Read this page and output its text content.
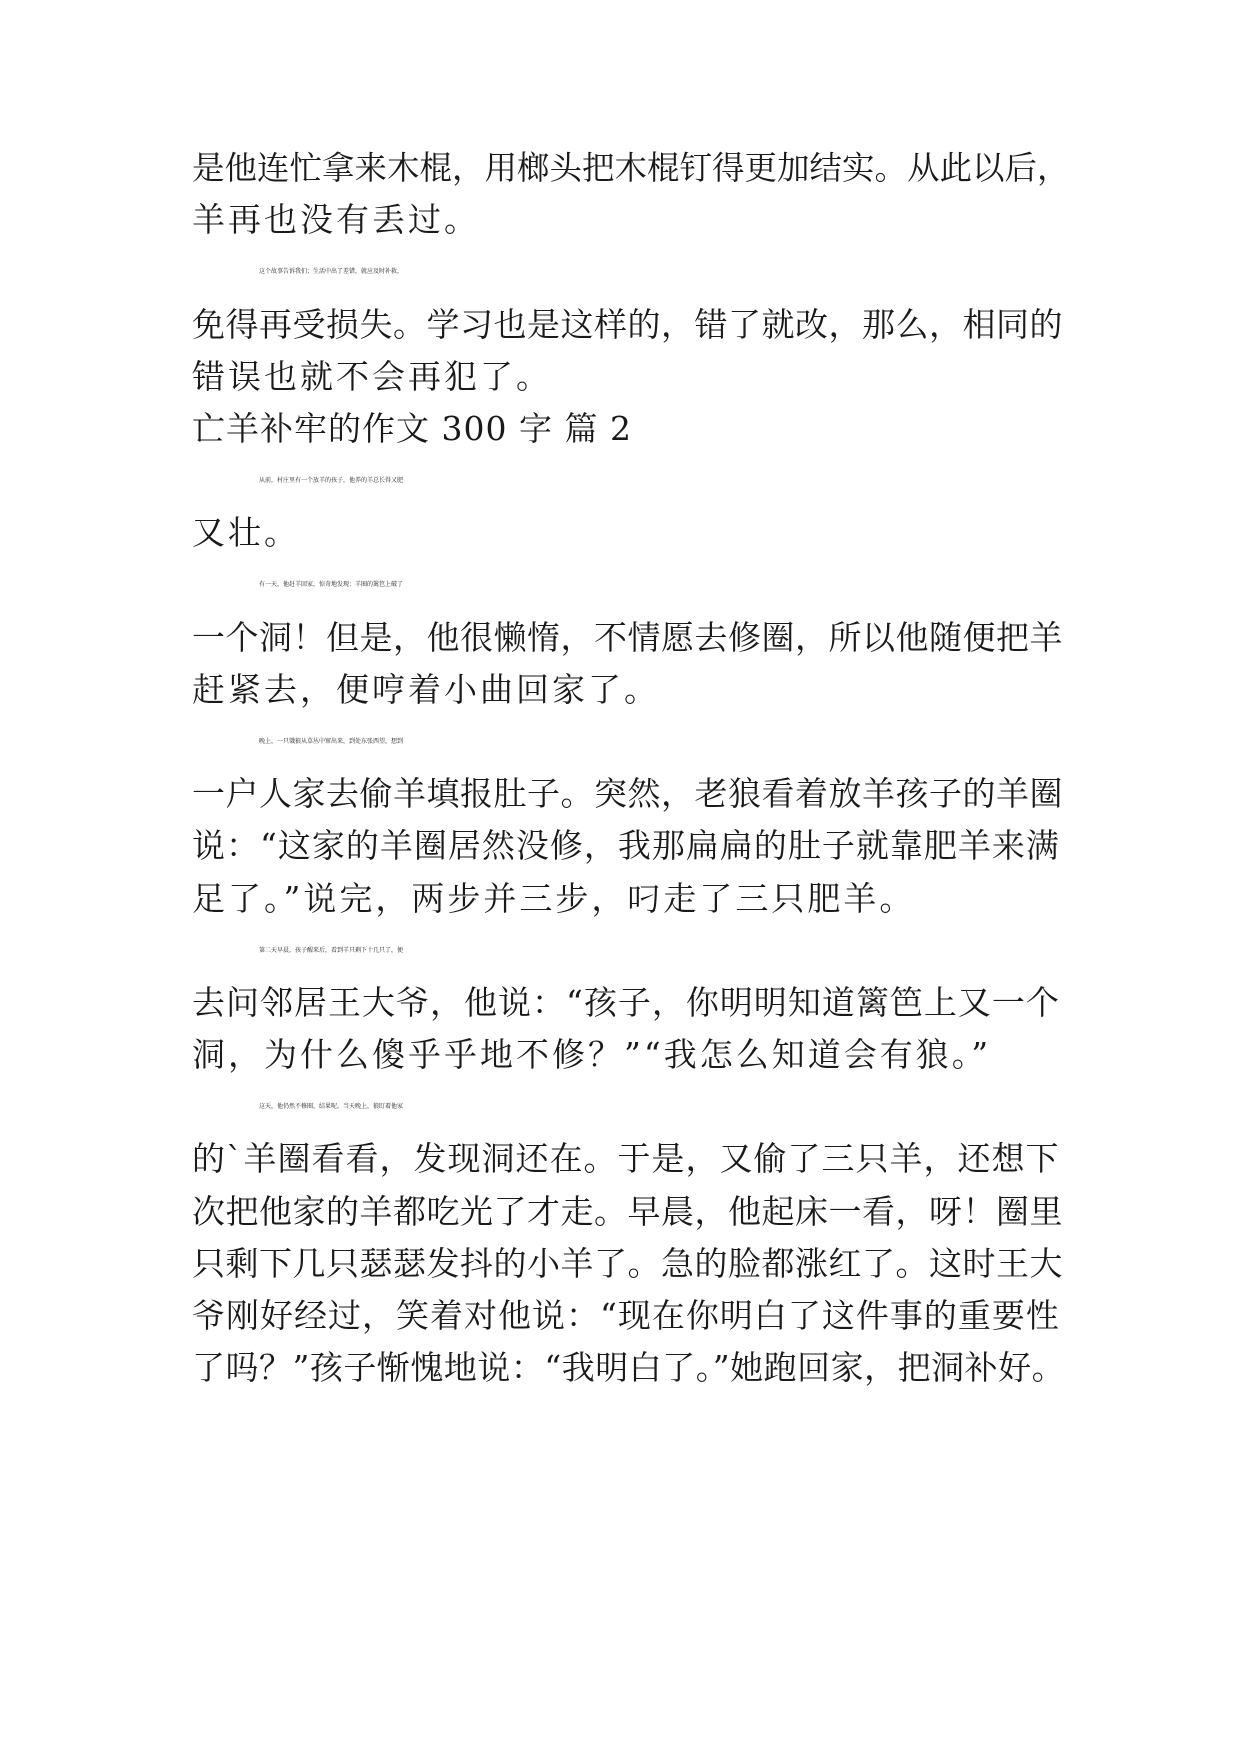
是他连忙拿来木棍，用榔头把木棍钉得更加结实。从此以后，
羊再也没有丢过。
这个故事告诉我们；生活中出了差错，就应及时补救，
免得再受损失。学习也是这样的，错了就改，那么，相同的
错误也就不会再犯了。
亡羊补牢的作文 300 字 篇 2
从前，村庄里有一个放羊的孩子，他养的羊总长得又肥
又壮。
有一天，他赶羊回家，惊奇地发现：羊圈的篱笆上破了
一个洞！但是，他很懒惰，不情愿去修圈，所以他随便把羊
赶紧去，便哼着小曲回家了。
晚上，一只饿狼从草丛中窜出来，到处东张西望，想到
一户人家去偷羊填报肚子。突然，老狼看着放羊孩子的羊圈
说：“这家的羊圈居然没修，我那扁扁的肚子就靠肥羊来满
足了。”说完，两步并三步，叼走了三只肥羊。
第二天早晨，孩子醒来后，看到羊只剩下十几只了，便
去问邻居王大爷，他说：“孩子，你明明知道篱笆上又一个
洞，为什么傻乎乎地不修？”“我怎么知道会有狼。”
这天，他仍然不修圈，结果呢。当天晚上，狼盯着他家
的`羊圈看看，发现洞还在。于是，又偷了三只羊，还想下
次把他家的羊都吃光了才走。早晨，他起床一看，呀！圈里
只剩下几只瑟瑟发抖的小羊了。急的脸都涨红了。这时王大
爷刚好经过，笑着对他说：“现在你明白了这件事的重要性
了吗？”孩子惭愧地说：“我明白了。”她跑回家，把洞补好。
